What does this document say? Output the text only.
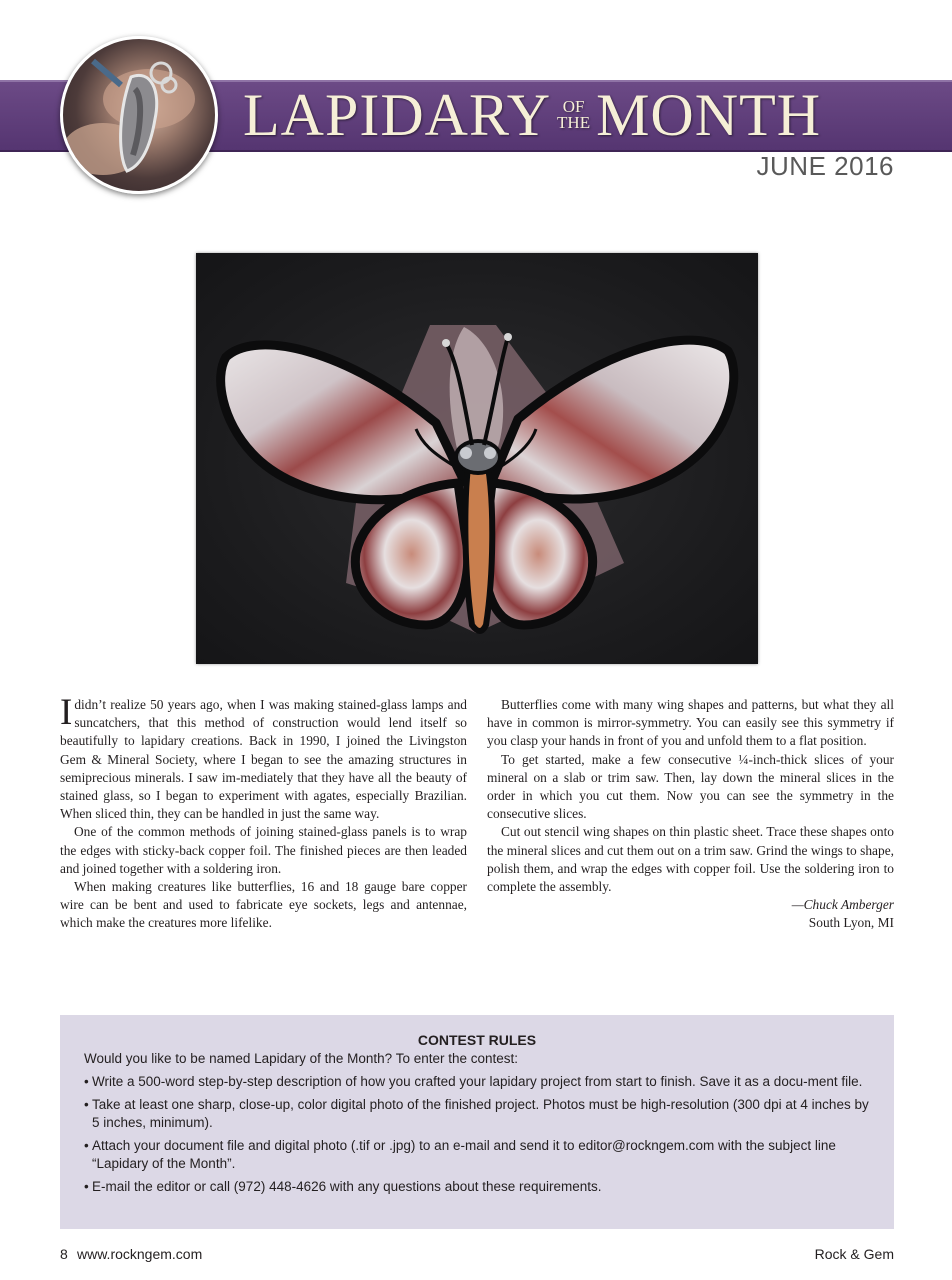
LAPIDARY OF
THE MONTH
JUNE 2016

Ididn’t realize 50 years ago, when I was making stained-glass lamps and suncatchers, that this method of construction would lend itself so beautifully to lapidary creations. Back in 1990, I joined the Livingston Gem & Mineral Society, where I began to see the amazing structures in semiprecious minerals. I saw im-mediately that they have all the beauty of stained glass, so I began to experiment with agates, especially Brazilian. When sliced thin, they can be handled in just the same way.

One of the common methods of joining stained-glass panels is to wrap the edges with sticky-back copper foil. The finished pieces are then leaded and joined together with a soldering iron.

When making creatures like butterflies, 16 and 18 gauge bare copper wire can be bent and used to fabricate eye sockets, legs and antennae, which make the creatures more lifelike.

Butterflies come with many wing shapes and patterns, but what they all have in common is mirror-symmetry. You can easily see this symmetry if you clasp your hands in front of you and unfold them to a flat position.

To get started, make a few consecutive ¼-inch-thick slices of your mineral on a slab or trim saw. Then, lay down the mineral slices in the order in which you cut them. Now you can see the symmetry in the consecutive slices.

Cut out stencil wing shapes on thin plastic sheet. Trace these shapes onto the mineral slices and cut them out on a trim saw. Grind the wings to shape, polish them, and wrap the edges with copper foil. Use the soldering iron to complete the assembly.

—Chuck Amberger

South Lyon, MI

CONTEST RULES
Would you like to be named Lapidary of the Month? To enter the contest:
• Write a 500-word step-by-step description of how you crafted your lapidary project from start to finish. Save it as a docu-ment file.
• Take at least one sharp, close-up, color digital photo of the finished project. Photos must be high-resolution (300 dpi at 4 inches by 5 inches, minimum).
• Attach your document file and digital photo (.tif or .jpg) to an e-mail and send it to editor@rockngem.com with the subject line “Lapidary of the Month”.
• E-mail the editor or call (972) 448-4626 with any questions about these requirements.
8 www.rockngem.com	Rock & Gem
